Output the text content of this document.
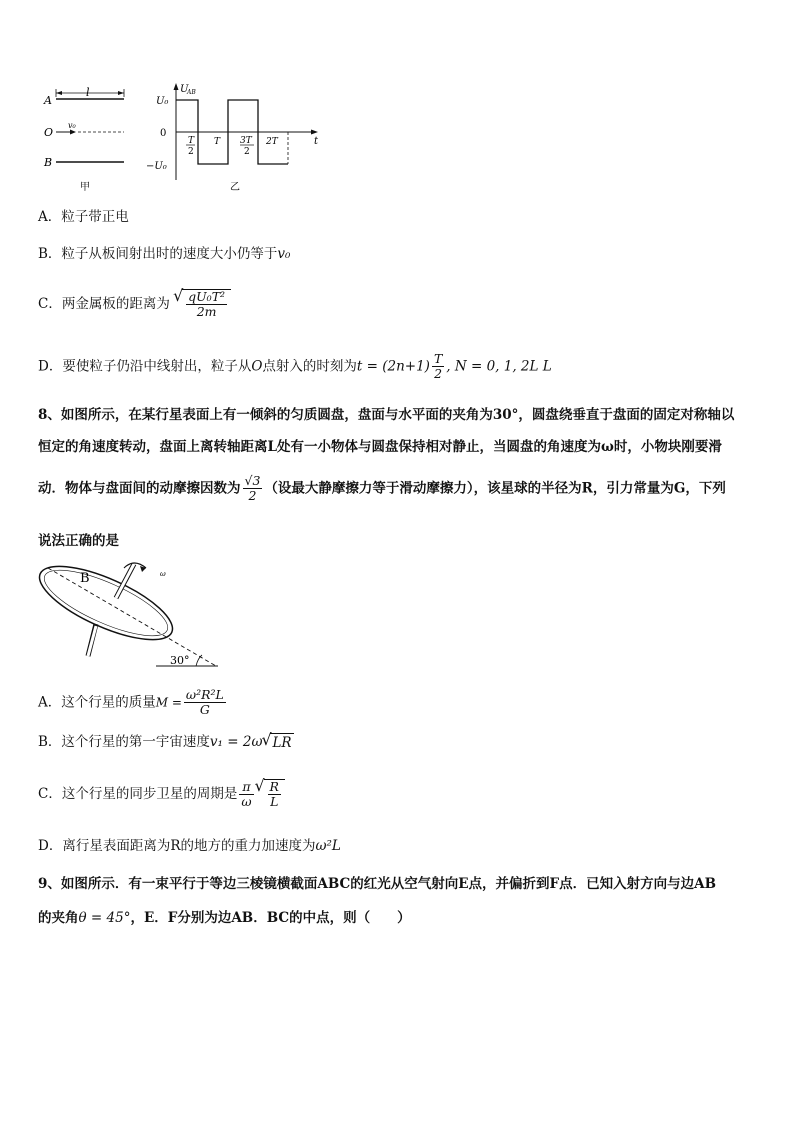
A
l
O
v₀
B
甲
U
AB
t
U₀
0
−U₀
T
2
T 3T
2
2T
乙
A．粒子带正电
B．粒子从板间射出时的速度大小仍等于v₀
C．两金属板的距离为 √ $\frac{\text{qU₀T²}}{2m}$
D．要使粒子仍沿中线射出，粒子从O点射入的时刻为$t = (2n+1) \frac{T}{2}$ , N = 0, 1, 2L L
8、如图所示，在某行星表面上有一倾斜的匀质圆盘，盘面与水平面的夹角为30°，圆盘绕垂直于盘面的固定对称轴以
恒定的角速度转动，盘面上离转轴距离L处有一小物体与圆盘保持相对静止，当圆盘的角速度为ω时，小物块刚要滑
动．物体与盘面间的动摩擦因数为 $\frac{√3}{2}$ （设最大静摩擦力等于滑动摩擦力），该星球的半径为R，引力常量为G，下列
说法正确的是
ω
B
30°
A．这个行星的质量$M = \frac{\text{ω²R²L}}{G}$
B．这个行星的第一宇宙速度v₁ = 2ω √ LR
C．这个行星的同步卫星的周期是 $\frac{\pi}{\omega}$ √ $\frac{R}{L}$
D．离行星表面距离为R的地方的重力加速度为ω²L
9、如图所示．有一束平行于等边三棱镜横截面ABC的红光从空气射向E点，并偏折到F点．已知入射方向与边AB
的夹角θ = 45°，E．F分别为边AB．BC的中点，则（　　）
